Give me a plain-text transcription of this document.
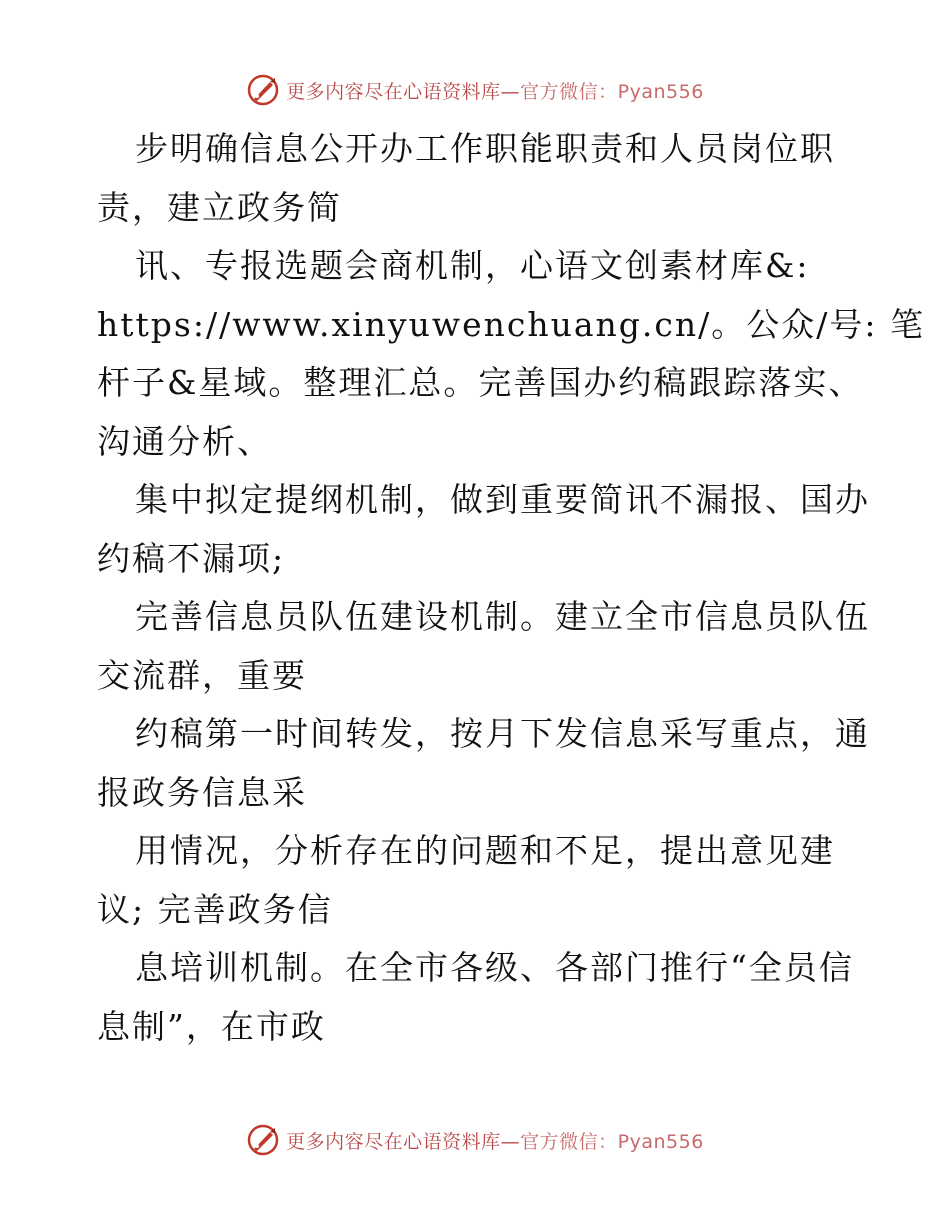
更多内容尽在心语资料库—官方微信：Pyan556
步明确信息公开办工作职能职责和人员岗位职
责，建立政务简
讯、专报选题会商机制，心语文创素材库&:
https://www.xinyuwenchuang.cn/。公众/号: 笔
杆子&星域。整理汇总。完善国办约稿跟踪落实、
沟通分析、
集中拟定提纲机制，做到重要简讯不漏报、国办
约稿不漏项;
完善信息员队伍建设机制。建立全市信息员队伍
交流群，重要
约稿第一时间转发，按月下发信息采写重点，通
报政务信息采
用情况，分析存在的问题和不足，提出意见建
议; 完善政务信
息培训机制。在全市各级、各部门推行“全员信
息制”，在市政
更多内容尽在心语资料库—官方微信：Pyan556
